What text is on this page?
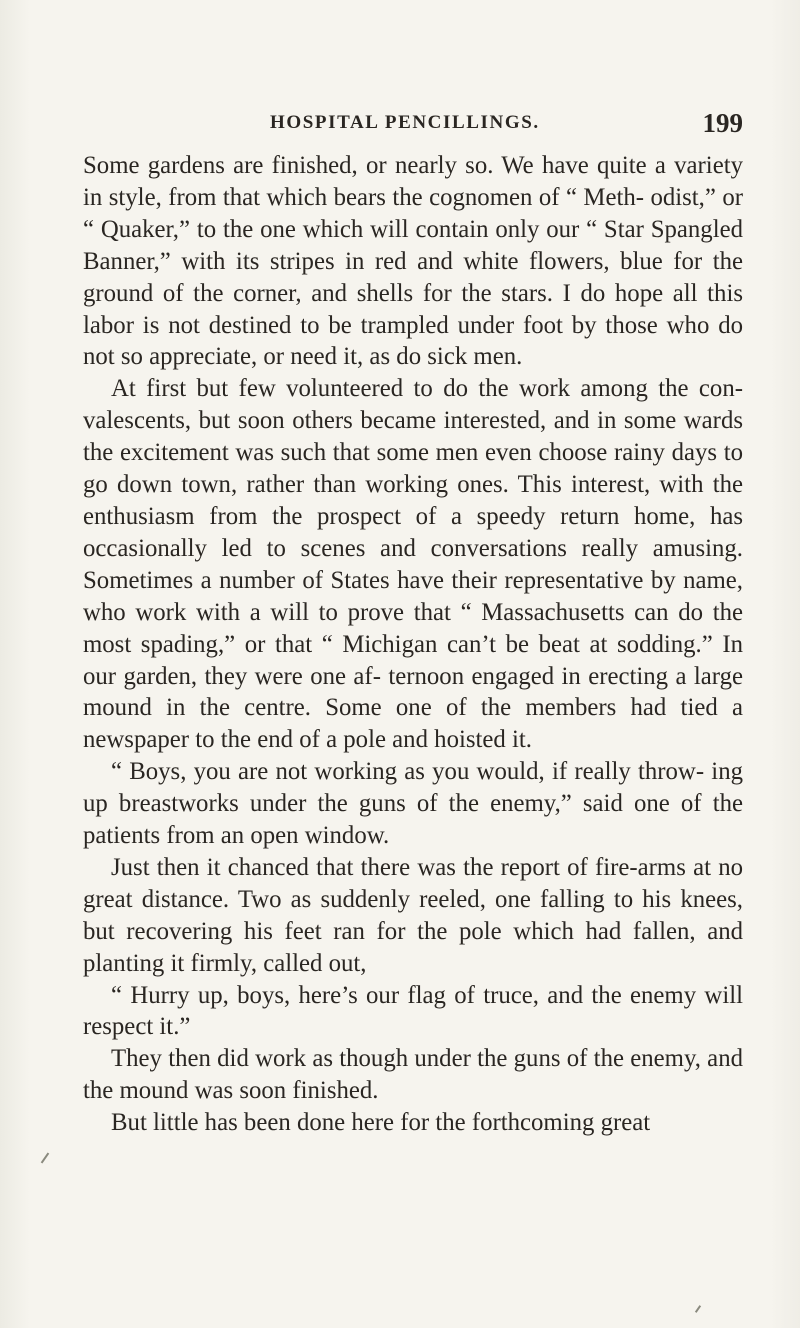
HOSPITAL PENCILLINGS.	199

Some gardens are finished, or nearly so. We have quite a variety in style, from that which bears the cognomen of “ Meth- odist,” or “ Quaker,” to the one which will contain only our “ Star Spangled Banner,” with its stripes in red and white flowers, blue for the ground of the corner, and shells for the stars. I do hope all this labor is not destined to be trampled under foot by those who do not so appreciate, or need it, as do sick men.

At first but few volunteered to do the work among the con- valescents, but soon others became interested, and in some wards the excitement was such that some men even choose rainy days to go down town, rather than working ones. This interest, with the enthusiasm from the prospect of a speedy return home, has occasionally led to scenes and conversations really amusing. Sometimes a number of States have their representative by name, who work with a will to prove that “ Massachusetts can do the most spading,” or that “ Michigan can’t be beat at sodding.” In our garden, they were one af- ternoon engaged in erecting a large mound in the centre. Some one of the members had tied a newspaper to the end of a pole and hoisted it.

“ Boys, you are not working as you would, if really throw- ing up breastworks under the guns of the enemy,” said one of the patients from an open window.

Just then it chanced that there was the report of fire-arms at no great distance. Two as suddenly reeled, one falling to his knees, but recovering his feet ran for the pole which had fallen, and planting it firmly, called out,

“ Hurry up, boys, here’s our flag of truce, and the enemy will respect it.”

They then did work as though under the guns of the enemy, and the mound was soon finished.

But little has been done here for the forthcoming great
